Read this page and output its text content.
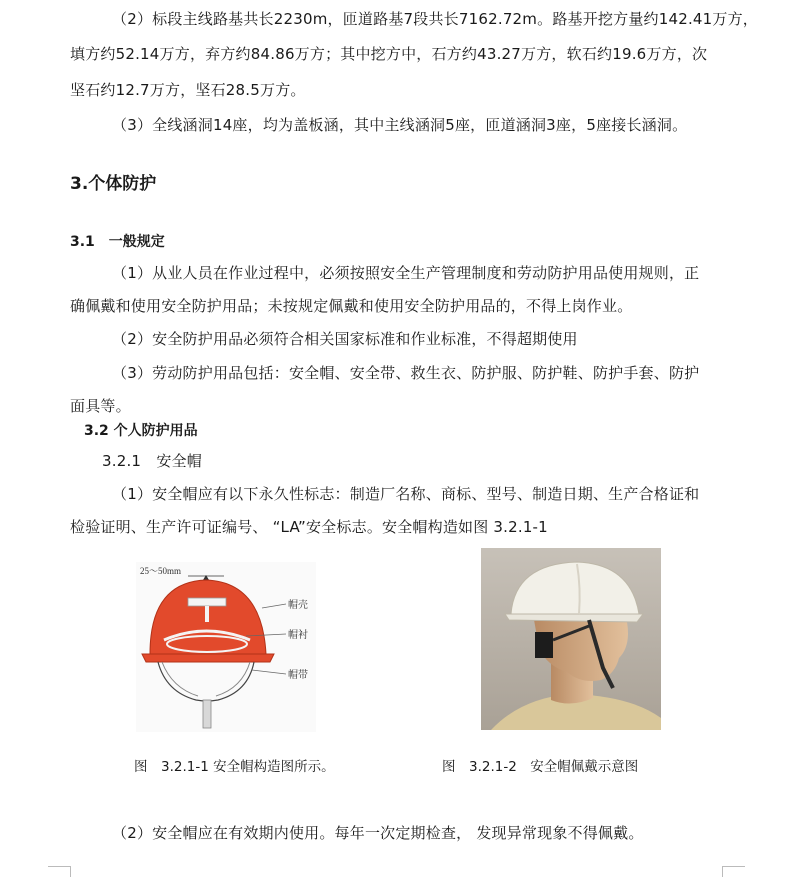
（2）标段主线路基共长2230m，匝道路基7段共长7162.72m。路基开挖方量约142.41万方，
填方约52.14万方，弃方约84.86万方；其中挖方中，石方约43.27万方，软石约19.6万方，次
坚石约12.7万方，坚石28.5万方。
（3）全线涵洞14座，均为盖板涵，其中主线涵洞5座，匝道涵洞3座，5座接长涵洞。
3.个体防护
3.1　一般规定
（1）从业人员在作业过程中，必须按照安全生产管理制度和劳动防护用品使用规则，正
确佩戴和使用安全防护用品；未按规定佩戴和使用安全防护用品的，不得上岗作业。
（2）安全防护用品必须符合相关国家标准和作业标准，不得超期使用
（3）劳动防护用品包括：安全帽、安全带、救生衣、防护服、防护鞋、防护手套、防护
面具等。
3.2 个人防护用品
3.2.1　安全帽
（1）安全帽应有以下永久性标志：制造厂名称、商标、型号、制造日期、生产合格证和
检验证明、生产许可证编号、 “LA”安全标志。安全帽构造如图 3.2.1-1
25～50mm
帽壳
帽衬
帽带
图　3.2.1-1 安全帽构造图所示。	图　3.2.1-2　安全帽佩戴示意图
（2）安全帽应在有效期内使用。每年一次定期检查， 发现异常现象不得佩戴。
